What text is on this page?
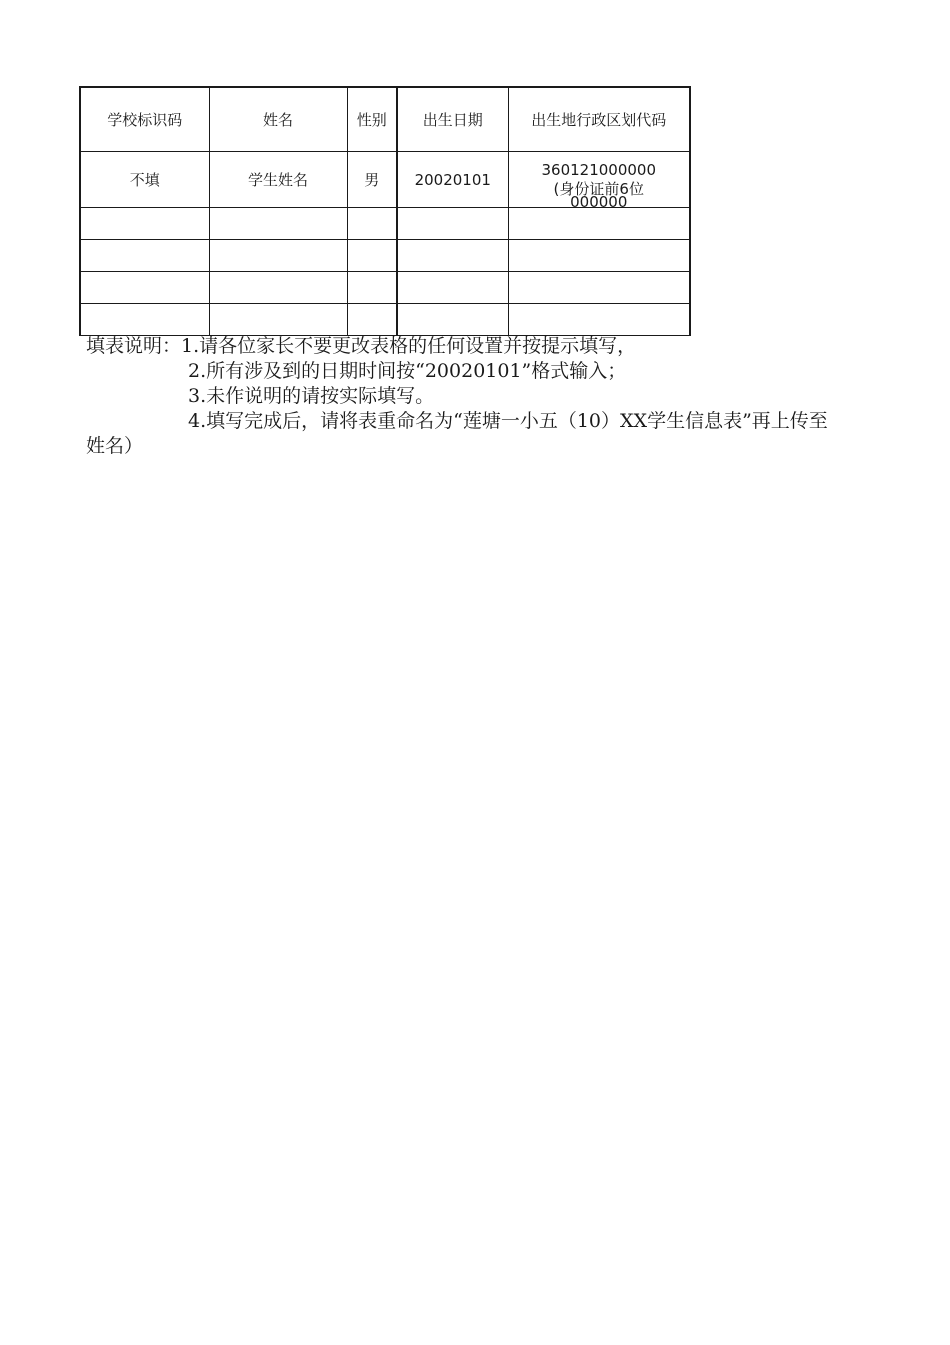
学校标识码	姓名	性别	出生日期	出生地行政区划代码
不填	学生姓名	男	20020101	360121000000
(身份证前6位
000000

填表说明：1.请各位家长不要更改表格的任何设置并按提示填写，
2.所有涉及到的日期时间按“20020101”格式输入；
3.未作说明的请按实际填写。
4.填写完成后，请将表重命名为“莲塘一小五（10）XX学生信息表”再上传至
姓名）
